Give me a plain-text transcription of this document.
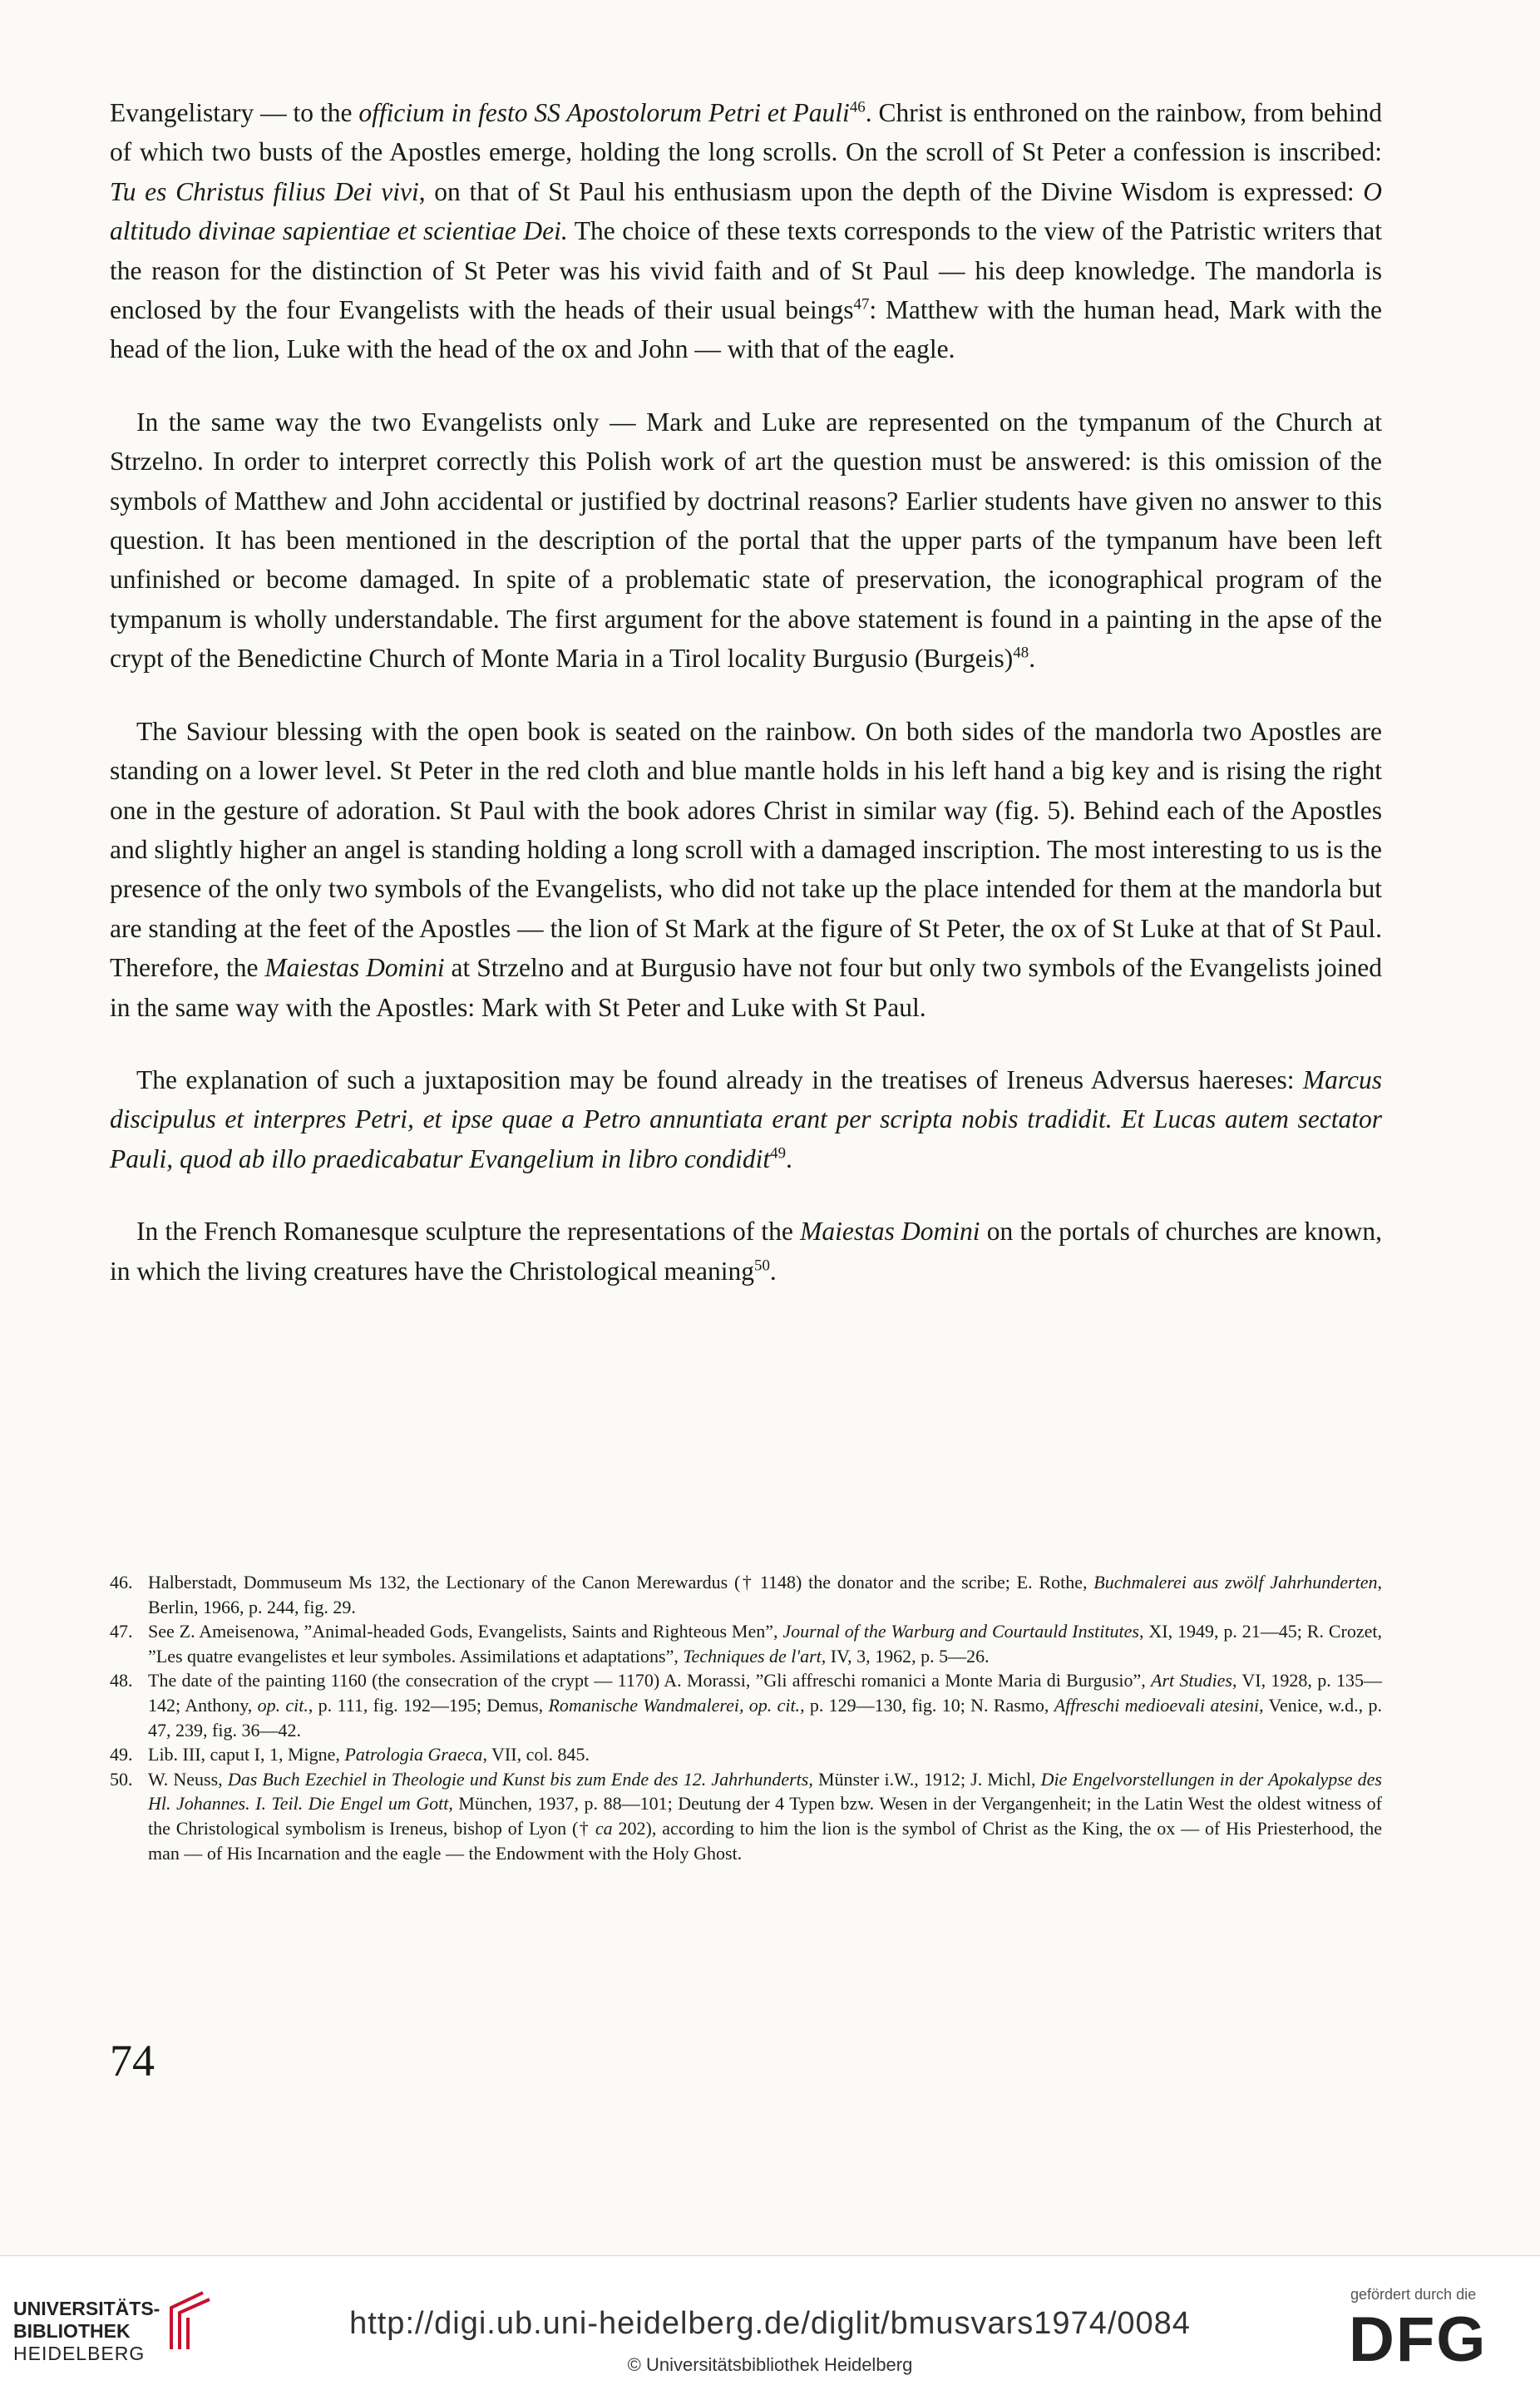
Evangelistary — to the officium in festo SS Apostolorum Petri et Pauli$^{46}$. Christ is enthroned on the rainbow, from behind of which two busts of the Apostles emerge, holding the long scrolls. On the scroll of St Peter a confession is inscribed: Tu es Christus filius Dei vivi, on that of St Paul his enthusiasm upon the depth of the Divine Wisdom is expressed: O altitudo divinae sapientiae et scientiae Dei. The choice of these texts corresponds to the view of the Patristic writers that the reason for the distinction of St Peter was his vivid faith and of St Paul — his deep knowledge. The mandorla is enclosed by the four Evangelists with the heads of their usual beings$^{47}$: Matthew with the human head, Mark with the head of the lion, Luke with the head of the ox and John — with that of the eagle.

In the same way the two Evangelists only — Mark and Luke are represented on the tympanum of the Church at Strzelno. In order to interpret correctly this Polish work of art the question must be answered: is this omission of the symbols of Matthew and John accidental or justified by doctrinal reasons? Earlier students have given no answer to this question. It has been mentioned in the description of the portal that the upper parts of the tympanum have been left unfinished or become damaged. In spite of a problematic state of preservation, the iconographical program of the tympanum is wholly understandable. The first argument for the above statement is found in a painting in the apse of the crypt of the Benedictine Church of Monte Maria in a Tirol locality Burgusio (Burgeis)$^{48}$.

The Saviour blessing with the open book is seated on the rainbow. On both sides of the mandorla two Apostles are standing on a lower level. St Peter in the red cloth and blue mantle holds in his left hand a big key and is rising the right one in the gesture of adoration. St Paul with the book adores Christ in similar way (fig. 5). Behind each of the Apostles and slightly higher an angel is standing holding a long scroll with a damaged inscription. The most interesting to us is the presence of the only two symbols of the Evangelists, who did not take up the place intended for them at the mandorla but are standing at the feet of the Apostles — the lion of St Mark at the figure of St Peter, the ox of St Luke at that of St Paul. Therefore, the Maiestas Domini at Strzelno and at Burgusio have not four but only two symbols of the Evangelists joined in the same way with the Apostles: Mark with St Peter and Luke with St Paul.

The explanation of such a juxtaposition may be found already in the treatises of Ireneus Adversus haereses: Marcus discipulus et interpres Petri, et ipse quae a Petro annuntiata erant per scripta nobis tradidit. Et Lucas autem sectator Pauli, quod ab illo praedicabatur Evangelium in libro condidit$^{49}$.

In the French Romanesque sculpture the representations of the Maiestas Domini on the portals of churches are known, in which the living creatures have the Christological meaning$^{50}$.

46. Halberstadt, Dommuseum Ms 132, the Lectionary of the Canon Merewardus († 1148) the donator and the scribe; E. Rothe, Buchmalerei aus zwölf Jahrhunderten, Berlin, 1966, p. 244, fig. 29.
47. See Z. Ameisenowa, ”Animal-headed Gods, Evangelists, Saints and Righteous Men”, Journal of the Warburg and Courtauld Institutes, XI, 1949, p. 21—45; R. Crozet, ”Les quatre evangelistes et leur symboles. Assimilations et adaptations”, Techniques de l'art, IV, 3, 1962, p. 5—26.
48. The date of the painting 1160 (the consecration of the crypt — 1170) A. Morassi, ”Gli affreschi romanici a Monte Maria di Burgusio”, Art Studies, VI, 1928, p. 135—142; Anthony, op. cit., p. 111, fig. 192—195; Demus, Romanische Wandmalerei, op. cit., p. 129—130, fig. 10; N. Rasmo, Affreschi medioevali atesini, Venice, w.d., p. 47, 239, fig. 36—42.
49. Lib. III, caput I, 1, Migne, Patrologia Graeca, VII, col. 845.
50. W. Neuss, Das Buch Ezechiel in Theologie und Kunst bis zum Ende des 12. Jahrhunderts, Münster i.W., 1912; J. Michl, Die Engelvorstellungen in der Apokalypse des Hl. Johannes. I. Teil. Die Engel um Gott, München, 1937, p. 88—101; Deutung der 4 Typen bzw. Wesen in der Vergangenheit; in the Latin West the oldest witness of the Christological symbolism is Ireneus, bishop of Lyon († ca 202), according to him the lion is the symbol of Christ as the King, the ox — of His Priesterhood, the man — of His Incarnation and the eagle — the Endowment with the Holy Ghost.
74
UNIVERSITÄTS-
BIBLIOTHEK
HEIDELBERG
http://digi.ub.uni-heidelberg.de/diglit/bmusvars1974/0084
© Universitätsbibliothek Heidelberg
gefördert durch die
DFG
